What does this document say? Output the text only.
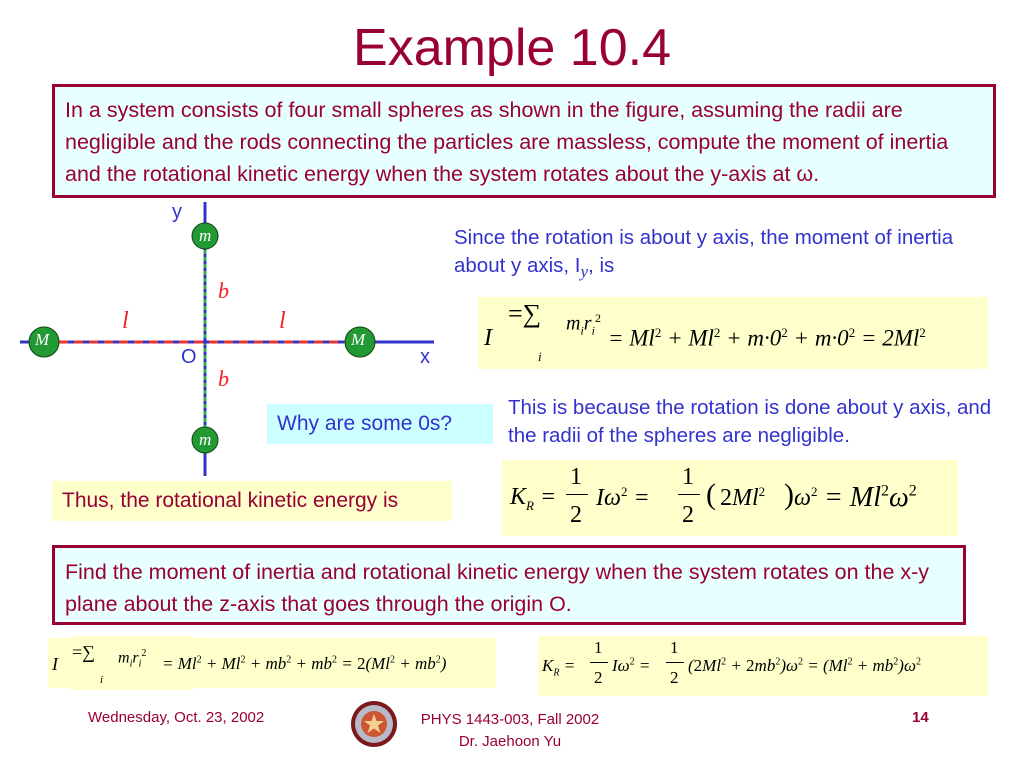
Example 10.4
In a system consists of four small spheres as shown in the figure, assuming the radii are negligible and the rods connecting the particles are massless, compute the moment of inertia and the rotational kinetic energy when the system rotates about the y-axis at ω.
y
x
O
m
m
M	M
b
b
l	l
Since the rotation is about y axis, the moment of inertia about y axis, $I_y$, is
I
=∑ $m_ir_i^2$
i
= $Ml^2 + Ml^2 + m\cdot 0^2 + m\cdot 0^2 = 2Ml^2$
This is because the rotation is done about y axis, and the radii of the spheres are negligible.
Why are some 0s?
Thus, the rotational kinetic energy is	$K_R$ =
1
2
$I\omega^2$ =
1
2
( 2Ml$^2$ ) $\omega^2 = Ml^2\omega^2$
Find the moment of inertia and rotational kinetic energy when the system rotates on the x-y plane about the z-axis that goes through the origin O.
I
=∑ $m_ir_i^2$
i
= $Ml^2 + Ml^2 + mb^2 + mb^2 = 2(Ml^2 + mb^2)$	$K_R$ =
1
2
$I\omega^2$ =
1
2
$(2Ml^2 + 2mb^2)\omega^2 = (Ml^2 + mb^2)\omega^2$
Wednesday, Oct. 23, 2002	PHYS 1443-003, Fall 2002
Dr. Jaehoon Yu
14
